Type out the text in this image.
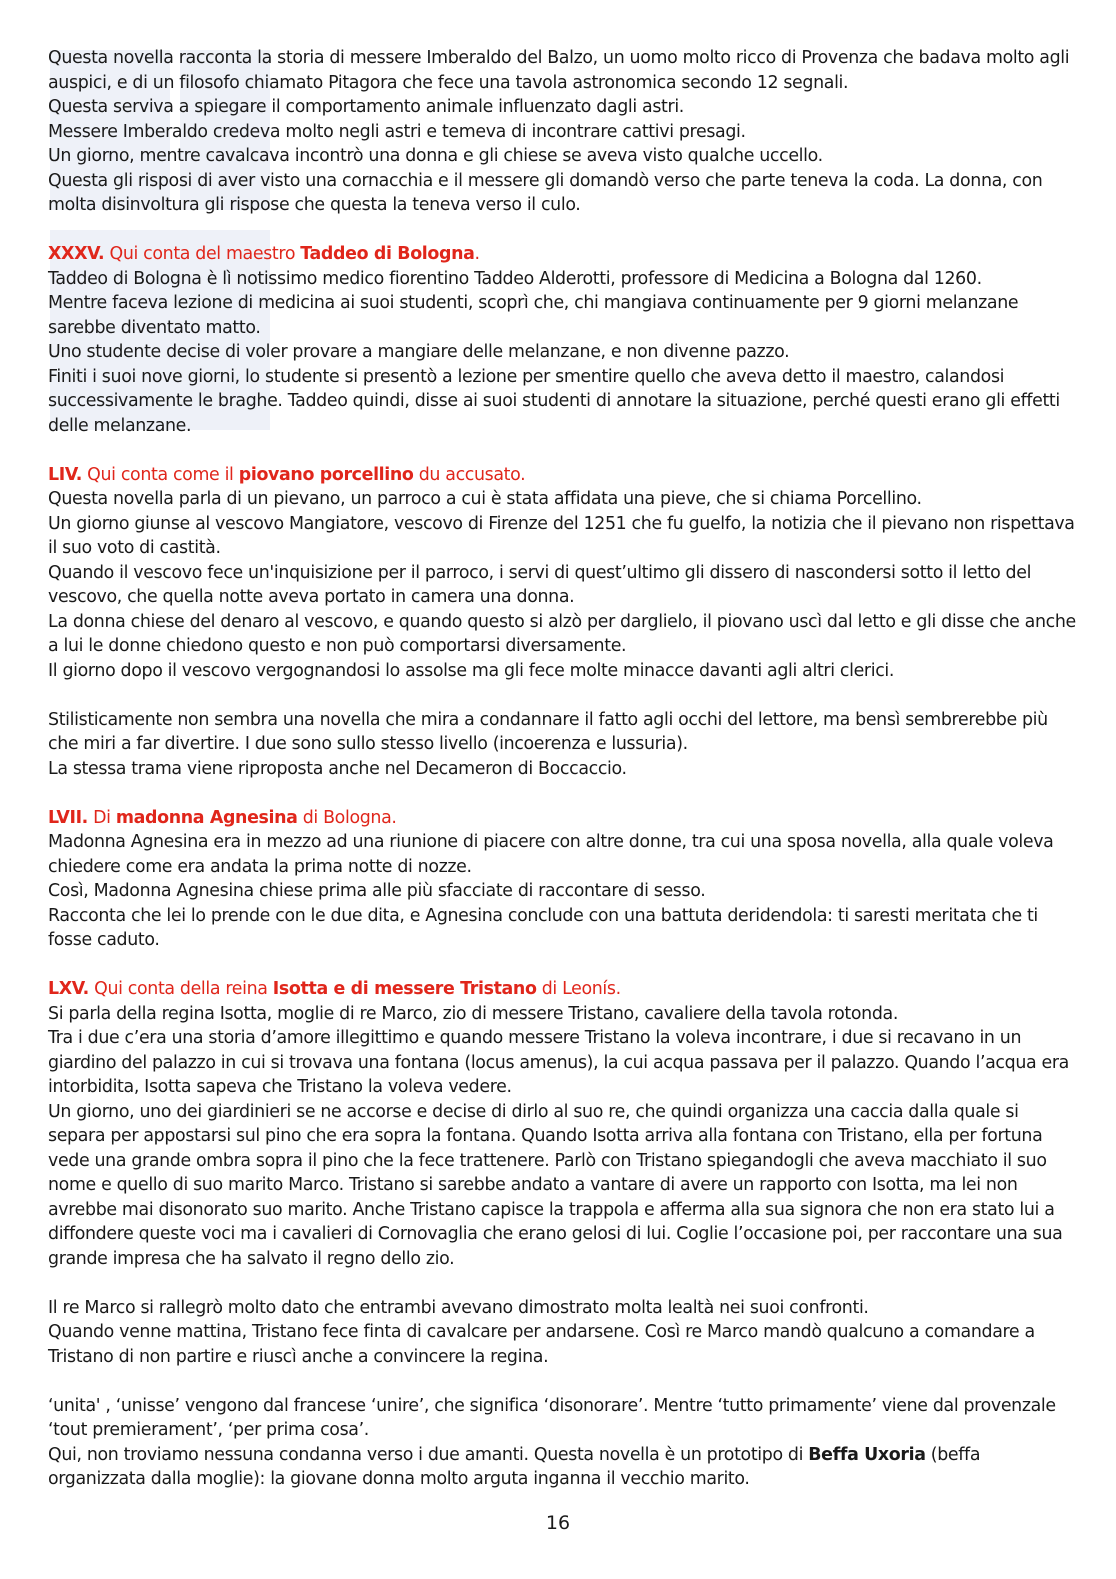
Questa novella racconta la storia di messere Imberaldo del Balzo, un uomo molto ricco di Provenza che badava molto agli auspici, e di un filosofo chiamato Pitagora che fece una tavola astronomica secondo 12 segnali.

Questa serviva a spiegare il comportamento animale influenzato dagli astri.

Messere Imberaldo credeva molto negli astri e temeva di incontrare cattivi presagi.

Un giorno, mentre cavalcava incontrò una donna e gli chiese se aveva visto qualche uccello.

Questa gli risposi di aver visto una cornacchia e il messere gli domandò verso che parte teneva la coda. La donna, con molta disinvoltura gli rispose che questa la teneva verso il culo.

XXXV. Qui conta del maestro Taddeo di Bologna.

Taddeo di Bologna è lì notissimo medico fiorentino Taddeo Alderotti, professore di Medicina a Bologna dal 1260.

Mentre faceva lezione di medicina ai suoi studenti, scoprì che, chi mangiava continuamente per 9 giorni melanzane sarebbe diventato matto.

Uno studente decise di voler provare a mangiare delle melanzane, e non divenne pazzo.

Finiti i suoi nove giorni, lo studente si presentò a lezione per smentire quello che aveva detto il maestro, calandosi successivamente le braghe. Taddeo quindi, disse ai suoi studenti di annotare la situazione, perché questi erano gli effetti delle melanzane.

LIV. Qui conta come il piovano porcellino du accusato.

Questa novella parla di un pievano, un parroco a cui è stata affidata una pieve, che si chiama Porcellino.

Un giorno giunse al vescovo Mangiatore, vescovo di Firenze del 1251 che fu guelfo, la notizia che il pievano non rispettava il suo voto di castità.

Quando il vescovo fece un'inquisizione per il parroco, i servi di quest’ultimo gli dissero di nascondersi sotto il letto del vescovo, che quella notte aveva portato in camera una donna.

La donna chiese del denaro al vescovo, e quando questo si alzò per darglielo, il piovano uscì dal letto e gli disse che anche a lui le donne chiedono questo e non può comportarsi diversamente.

Il giorno dopo il vescovo vergognandosi lo assolse ma gli fece molte minacce davanti agli altri clerici.

Stilisticamente non sembra una novella che mira a condannare il fatto agli occhi del lettore, ma bensì sembrerebbe più che miri a far divertire. I due sono sullo stesso livello (incoerenza e lussuria).

La stessa trama viene riproposta anche nel Decameron di Boccaccio.

LVII. Di madonna Agnesina di Bologna.

Madonna Agnesina era in mezzo ad una riunione di piacere con altre donne, tra cui una sposa novella, alla quale voleva chiedere come era andata la prima notte di nozze.

Così, Madonna Agnesina chiese prima alle più sfacciate di raccontare di sesso.

Racconta che lei lo prende con le due dita, e Agnesina conclude con una battuta deridendola: ti saresti meritata che ti fosse caduto.

LXV. Qui conta della reina Isotta e di messere Tristano di Leonís.

Si parla della regina Isotta, moglie di re Marco, zio di messere Tristano, cavaliere della tavola rotonda.

Tra i due c’era una storia d’amore illegittimo e quando messere Tristano la voleva incontrare, i due si recavano in un giardino del palazzo in cui si trovava una fontana (locus amenus), la cui acqua passava per il palazzo. Quando l’acqua era intorbidita, Isotta sapeva che Tristano la voleva vedere.

Un giorno, uno dei giardinieri se ne accorse e decise di dirlo al suo re, che quindi organizza una caccia dalla quale si separa per appostarsi sul pino che era sopra la fontana. Quando Isotta arriva alla fontana con Tristano, ella per fortuna vede una grande ombra sopra il pino che la fece trattenere. Parlò con Tristano spiegandogli che aveva macchiato il suo nome e quello di suo marito Marco. Tristano si sarebbe andato a vantare di avere un rapporto con Isotta, ma lei non avrebbe mai disonorato suo marito. Anche Tristano capisce la trappola e afferma alla sua signora che non era stato lui a diffondere queste voci ma i cavalieri di Cornovaglia che erano gelosi di lui. Coglie l’occasione poi, per raccontare una sua grande impresa che ha salvato il regno dello zio.

Il re Marco si rallegrò molto dato che entrambi avevano dimostrato molta lealtà nei suoi confronti.

Quando venne mattina, Tristano fece finta di cavalcare per andarsene. Così re Marco mandò qualcuno a comandare a Tristano di non partire e riuscì anche a convincere la regina.

‘unita' , ‘unisse’ vengono dal francese ‘unire’, che significa ‘disonorare’. Mentre ‘tutto primamente’ viene dal provenzale ‘tout premierament’, ‘per prima cosa’.

Qui, non troviamo nessuna condanna verso i due amanti. Questa novella è un prototipo di Beffa Uxoria (beffa organizzata dalla moglie): la giovane donna molto arguta inganna il vecchio marito.

16
